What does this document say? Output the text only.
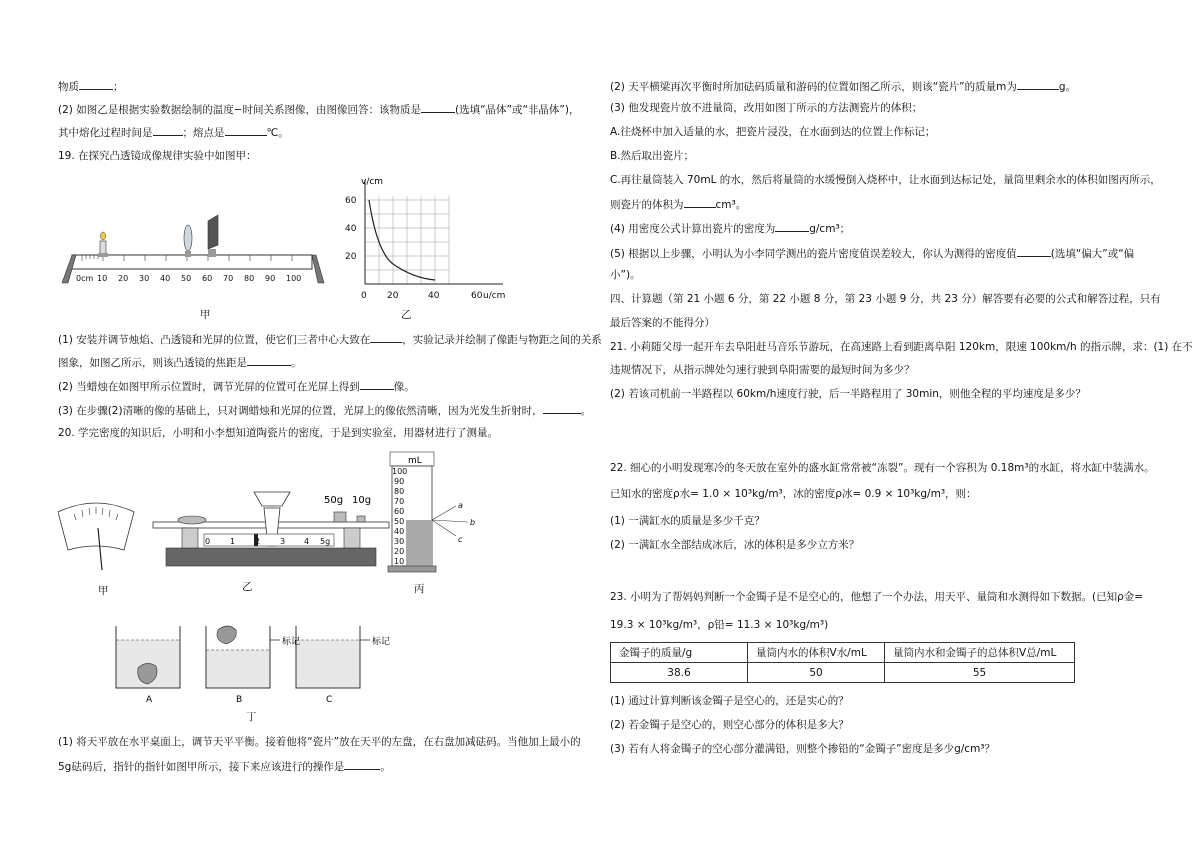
物质	；
(2) 如图乙是根据实验数据绘制的温度−时间关系图像，由图像回答：该物质是	(选填“晶体”或“非晶体”)，
其中熔化过程时间是	；熔点是	℃。
19. 在探究凸透镜成像规律实验中如图甲：
0cm 10 20 30 40 50 60 70 80 90 100
甲
v/cm
60
40
20
0 20	40	60 u/cm
乙
(1) 安装并调节烛焰、凸透镜和光屏的位置，使它们三者中心大致在	，实验记录并绘制了像距与物距之间的关系
图象，如图乙所示，则该凸透镜的焦距是	。
(2) 当蜡烛在如图甲所示位置时，调节光屏的位置可在光屏上得到	像。
(3) 在步骤(2)清晰的像的基础上，只对调蜡烛和光屏的位置，光屏上的像依然清晰，因为光发生折射时，	。
20. 学完密度的知识后，小明和小李想知道陶瓷片的密度，于是到实验室，用器材进行了测量。
0 1 2 3 4 5g
50g 10g
mL
100
90
80
70
60
50
40
30
20
10
a
b
c
甲	乙	丙
标记	标记
A	B	C
丁
(1) 将天平放在水平桌面上，调节天平平衡。接着他将“瓷片”放在天平的左盘，在右盘加减砝码。当他加上最小的
5g砝码后，指针的指针如图甲所示，接下来应该进行的操作是	。
(2) 天平横梁再次平衡时所加砝码质量和游码的位置如图乙所示，则该“瓷片”的质量m为	g。
(3) 他发现瓷片放不进量筒，改用如图丁所示的方法测瓷片的体积；
A.往烧杯中加入适量的水，把瓷片浸没，在水面到达的位置上作标记；
B.然后取出瓷片；
C.再往量筒装入 70mL 的水，然后将量筒的水缓慢倒入烧杯中，让水面到达标记处，量筒里剩余水的体积如图丙所示，
则瓷片的体积为	cm³。
(4) 用密度公式计算出瓷片的密度为	g/cm³；
(5) 根据以上步骤，小明认为小李同学测出的瓷片密度值误差较大，你认为测得的密度值	(选填“偏大”或“偏
小”)。
四、计算题（第 21 小题 6 分，第 22 小题 8 分，第 23 小题 9 分，共 23 分）解答要有必要的公式和解答过程，只有
最后答案的不能得分）
21. 小莉随父母一起开车去阜阳赶马音乐节游玩，在高速路上看到距离阜阳 120km，限速 100km/h 的指示牌，求：(1) 在不
违规情况下，从指示牌处匀速行驶到阜阳需要的最短时间为多少？
(2) 若该司机前一半路程以 60km/h速度行驶，后一半路程用了 30min，则他全程的平均速度是多少？
22. 细心的小明发现寒冷的冬天放在室外的盛水缸常常被“冻裂”。现有一个容积为 0.18m³的水缸，将水缸中装满水。
已知水的密度ρ水= 1.0 × 10³kg/m³，冰的密度ρ冰= 0.9 × 10³kg/m³，则：
(1) 一满缸水的质量是多少千克？
(2) 一满缸水全部结成冰后，冰的体积是多少立方米？
23. 小明为了帮妈妈判断一个金镯子是不是空心的，他想了一个办法，用天平、量筒和水测得如下数据。(已知ρ金=
19.3 × 10³kg/m³，ρ铅= 11.3 × 10³kg/m³)
金镯子的质量/g	量筒内水的体积V水/mL	量筒内水和金镯子的总体积V总/mL
38.6	50	55
(1) 通过计算判断该金镯子是空心的，还是实心的？
(2) 若金镯子是空心的，则空心部分的体积是多大？
(3) 若有人将金镯子的空心部分灌满铅，则整个掺铅的“金镯子”密度是多少g/cm³？
